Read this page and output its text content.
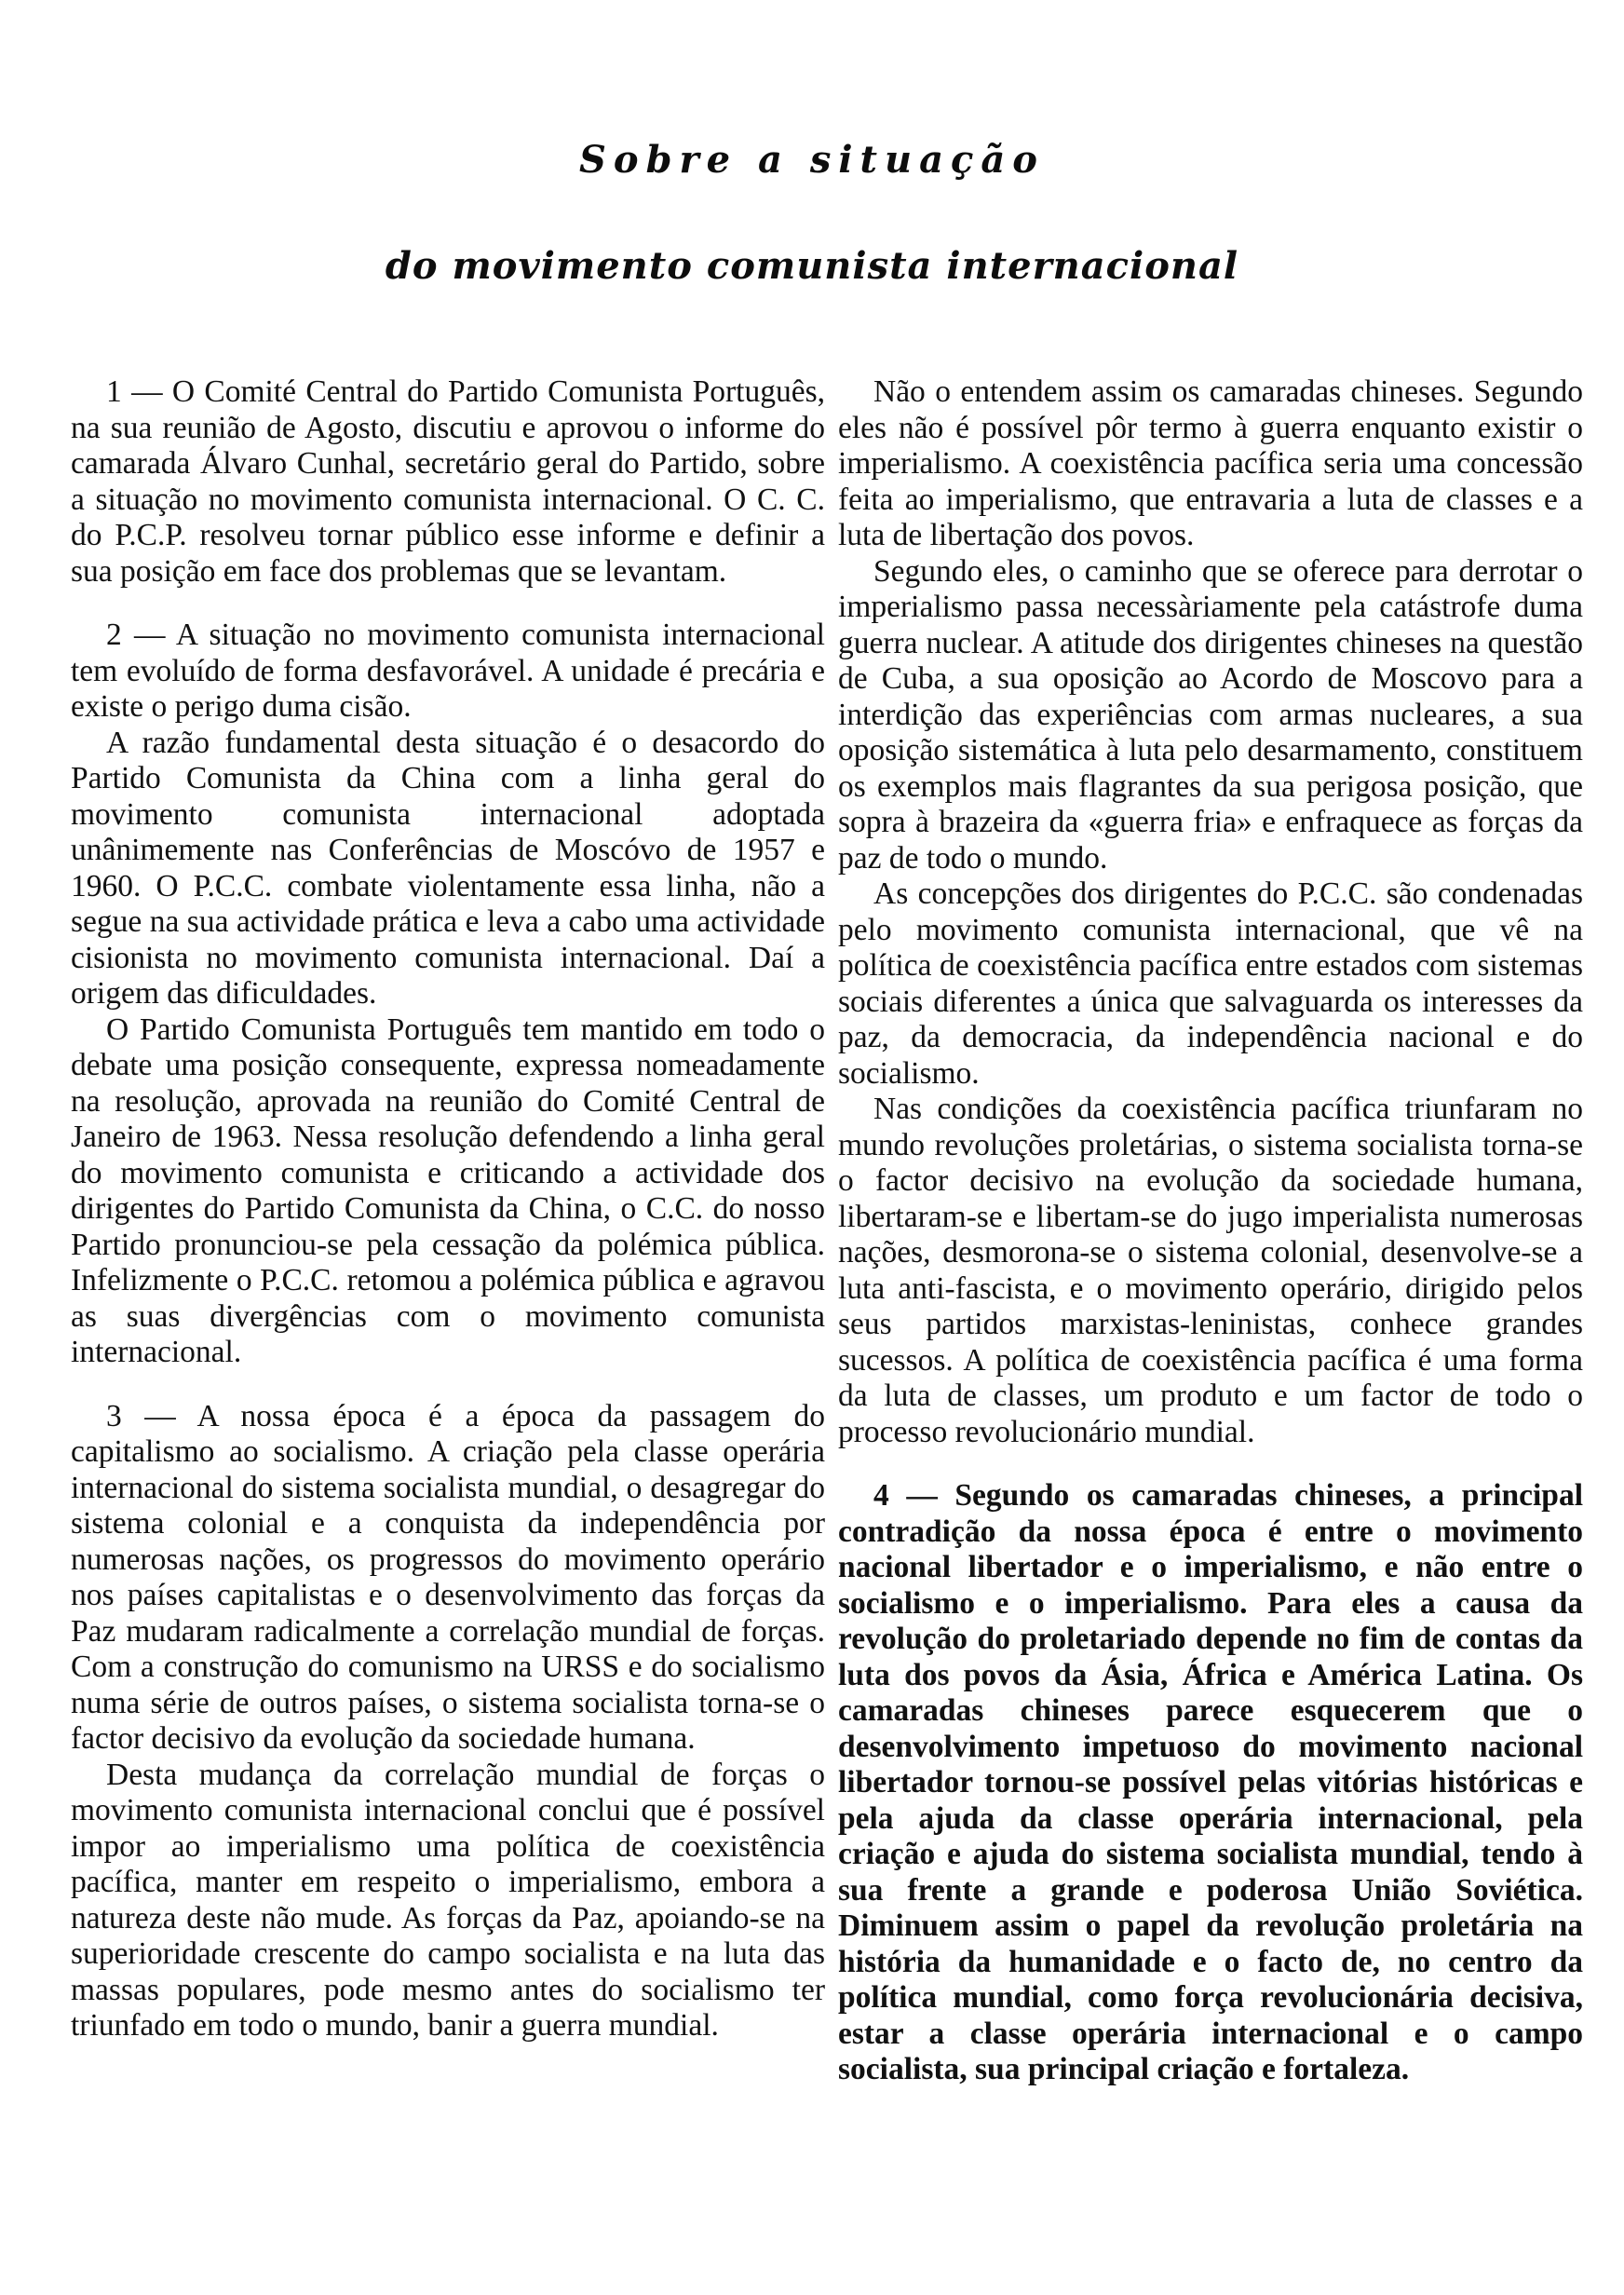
Sobre a situação
do movimento comunista internacional

1 — O Comité Central do Partido Comunista Português, na sua reunião de Agosto, discutiu e aprovou o informe do camarada Álvaro Cunhal, secretário geral do Partido, sobre a situação no movimento comunista internacional. O C. C. do P.C.P. resolveu tornar público esse informe e definir a sua posição em face dos problemas que se levantam.

2 — A situação no movimento comunista internacional tem evoluído de forma desfavorável. A unidade é precária e existe o perigo duma cisão.

A razão fundamental desta situação é o desacordo do Partido Comunista da China com a linha geral do movimento comunista internacional adoptada unânimemente nas Conferências de Moscóvo de 1957 e 1960. O P.C.C. combate violentamente essa linha, não a segue na sua actividade prática e leva a cabo uma actividade cisionista no movimento comunista internacional. Daí a origem das dificuldades.

O Partido Comunista Português tem mantido em todo o debate uma posição consequente, expressa nomeadamente na resolução, aprovada na reunião do Comité Central de Janeiro de 1963. Nessa resolução defendendo a linha geral do movimento comunista e criticando a actividade dos dirigentes do Partido Comunista da China, o C.C. do nosso Partido pronunciou-se pela cessação da polémica pública. Infelizmente o P.C.C. retomou a polémica pública e agravou as suas divergências com o movimento comunista internacional.

3 — A nossa época é a época da passagem do capitalismo ao socialismo. A criação pela classe operária internacional do sistema socialista mundial, o desagregar do sistema colonial e a conquista da independência por numerosas nações, os progressos do movimento operário nos países capitalistas e o desenvolvimento das forças da Paz mudaram radicalmente a correlação mundial de forças. Com a construção do comunismo na URSS e do socialismo numa série de outros países, o sistema socialista torna-se o factor decisivo da evolução da sociedade humana.

Desta mudança da correlação mundial de forças o movimento comunista internacional conclui que é possível impor ao imperialismo uma política de coexistência pacífica, manter em respeito o imperialismo, embora a natureza deste não mude. As forças da Paz, apoiando-se na superioridade crescente do campo socialista e na luta das massas populares, pode mesmo antes do socialismo ter triunfado em todo o mundo, banir a guerra mundial.

Não o entendem assim os camaradas chineses. Segundo eles não é possível pôr termo à guerra enquanto existir o imperialismo. A coexistência pacífica seria uma concessão feita ao imperialismo, que entravaria a luta de classes e a luta de libertação dos povos.

Segundo eles, o caminho que se oferece para derrotar o imperialismo passa necessàriamente pela catástrofe duma guerra nuclear. A atitude dos dirigentes chineses na questão de Cuba, a sua oposição ao Acordo de Moscovo para a interdição das experiências com armas nucleares, a sua oposição sistemática à luta pelo desarmamento, constituem os exemplos mais flagrantes da sua perigosa posição, que sopra à brazeira da «guerra fria» e enfraquece as forças da paz de todo o mundo.

As concepções dos dirigentes do P.C.C. são condenadas pelo movimento comunista internacional, que vê na política de coexistência pacífica entre estados com sistemas sociais diferentes a única que salvaguarda os interesses da paz, da democracia, da independência nacional e do socialismo.

Nas condições da coexistência pacífica triunfaram no mundo revoluções proletárias, o sistema socialista torna-se o factor decisivo na evolução da sociedade humana, libertaram-se e libertam-se do jugo imperialista numerosas nações, desmorona-se o sistema colonial, desenvolve-se a luta anti-fascista, e o movimento operário, dirigido pelos seus partidos marxistas-leninistas, conhece grandes sucessos. A política de coexistência pacífica é uma forma da luta de classes, um produto e um factor de todo o processo revolucionário mundial.

4 — Segundo os camaradas chineses, a principal contradição da nossa época é entre o movimento nacional libertador e o imperialismo, e não entre o socialismo e o imperialismo. Para eles a causa da revolução do proletariado depende no fim de contas da luta dos povos da Ásia, África e América Latina. Os camaradas chineses parece esquecerem que o desenvolvimento impetuoso do movimento nacional libertador tornou-se possível pelas vitórias históricas e pela ajuda da classe operária internacional, pela criação e ajuda do sistema socialista mundial, tendo à sua frente a grande e poderosa União Soviética. Diminuem assim o papel da revolução proletária na história da humanidade e o facto de, no centro da política mundial, como força revolucionária decisiva, estar a classe operária internacional e o campo socialista, sua principal criação e fortaleza.
